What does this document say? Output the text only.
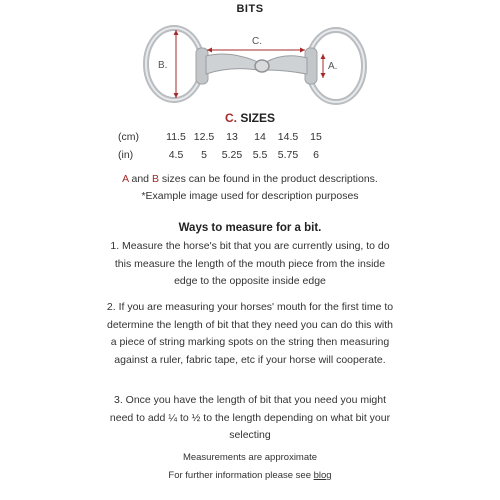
BITS
C.
B.	A.
C. SIZES
(cm)	11.5	12.5	13	14	14.5	15
(in)	4.5	5	5.25	5.5	5.75	6
A and B sizes can be found in the product descriptions.
*Example image used for description purposes
Ways to measure for a bit.
1. Measure the horse's bit that you are currently using, to do this measure the length of the mouth piece from the inside edge to the opposite inside edge
2. If you are measuring your horses' mouth for the first time to determine the length of bit that they need you can do this with a piece of string marking spots on the string then measuring against a ruler, fabric tape, etc if your horse will cooperate.
3. Once you have the length of bit that you need you might need to add ¼ to ½ to the length depending on what bit your selecting
Measurements are approximate
For further information please see blog
